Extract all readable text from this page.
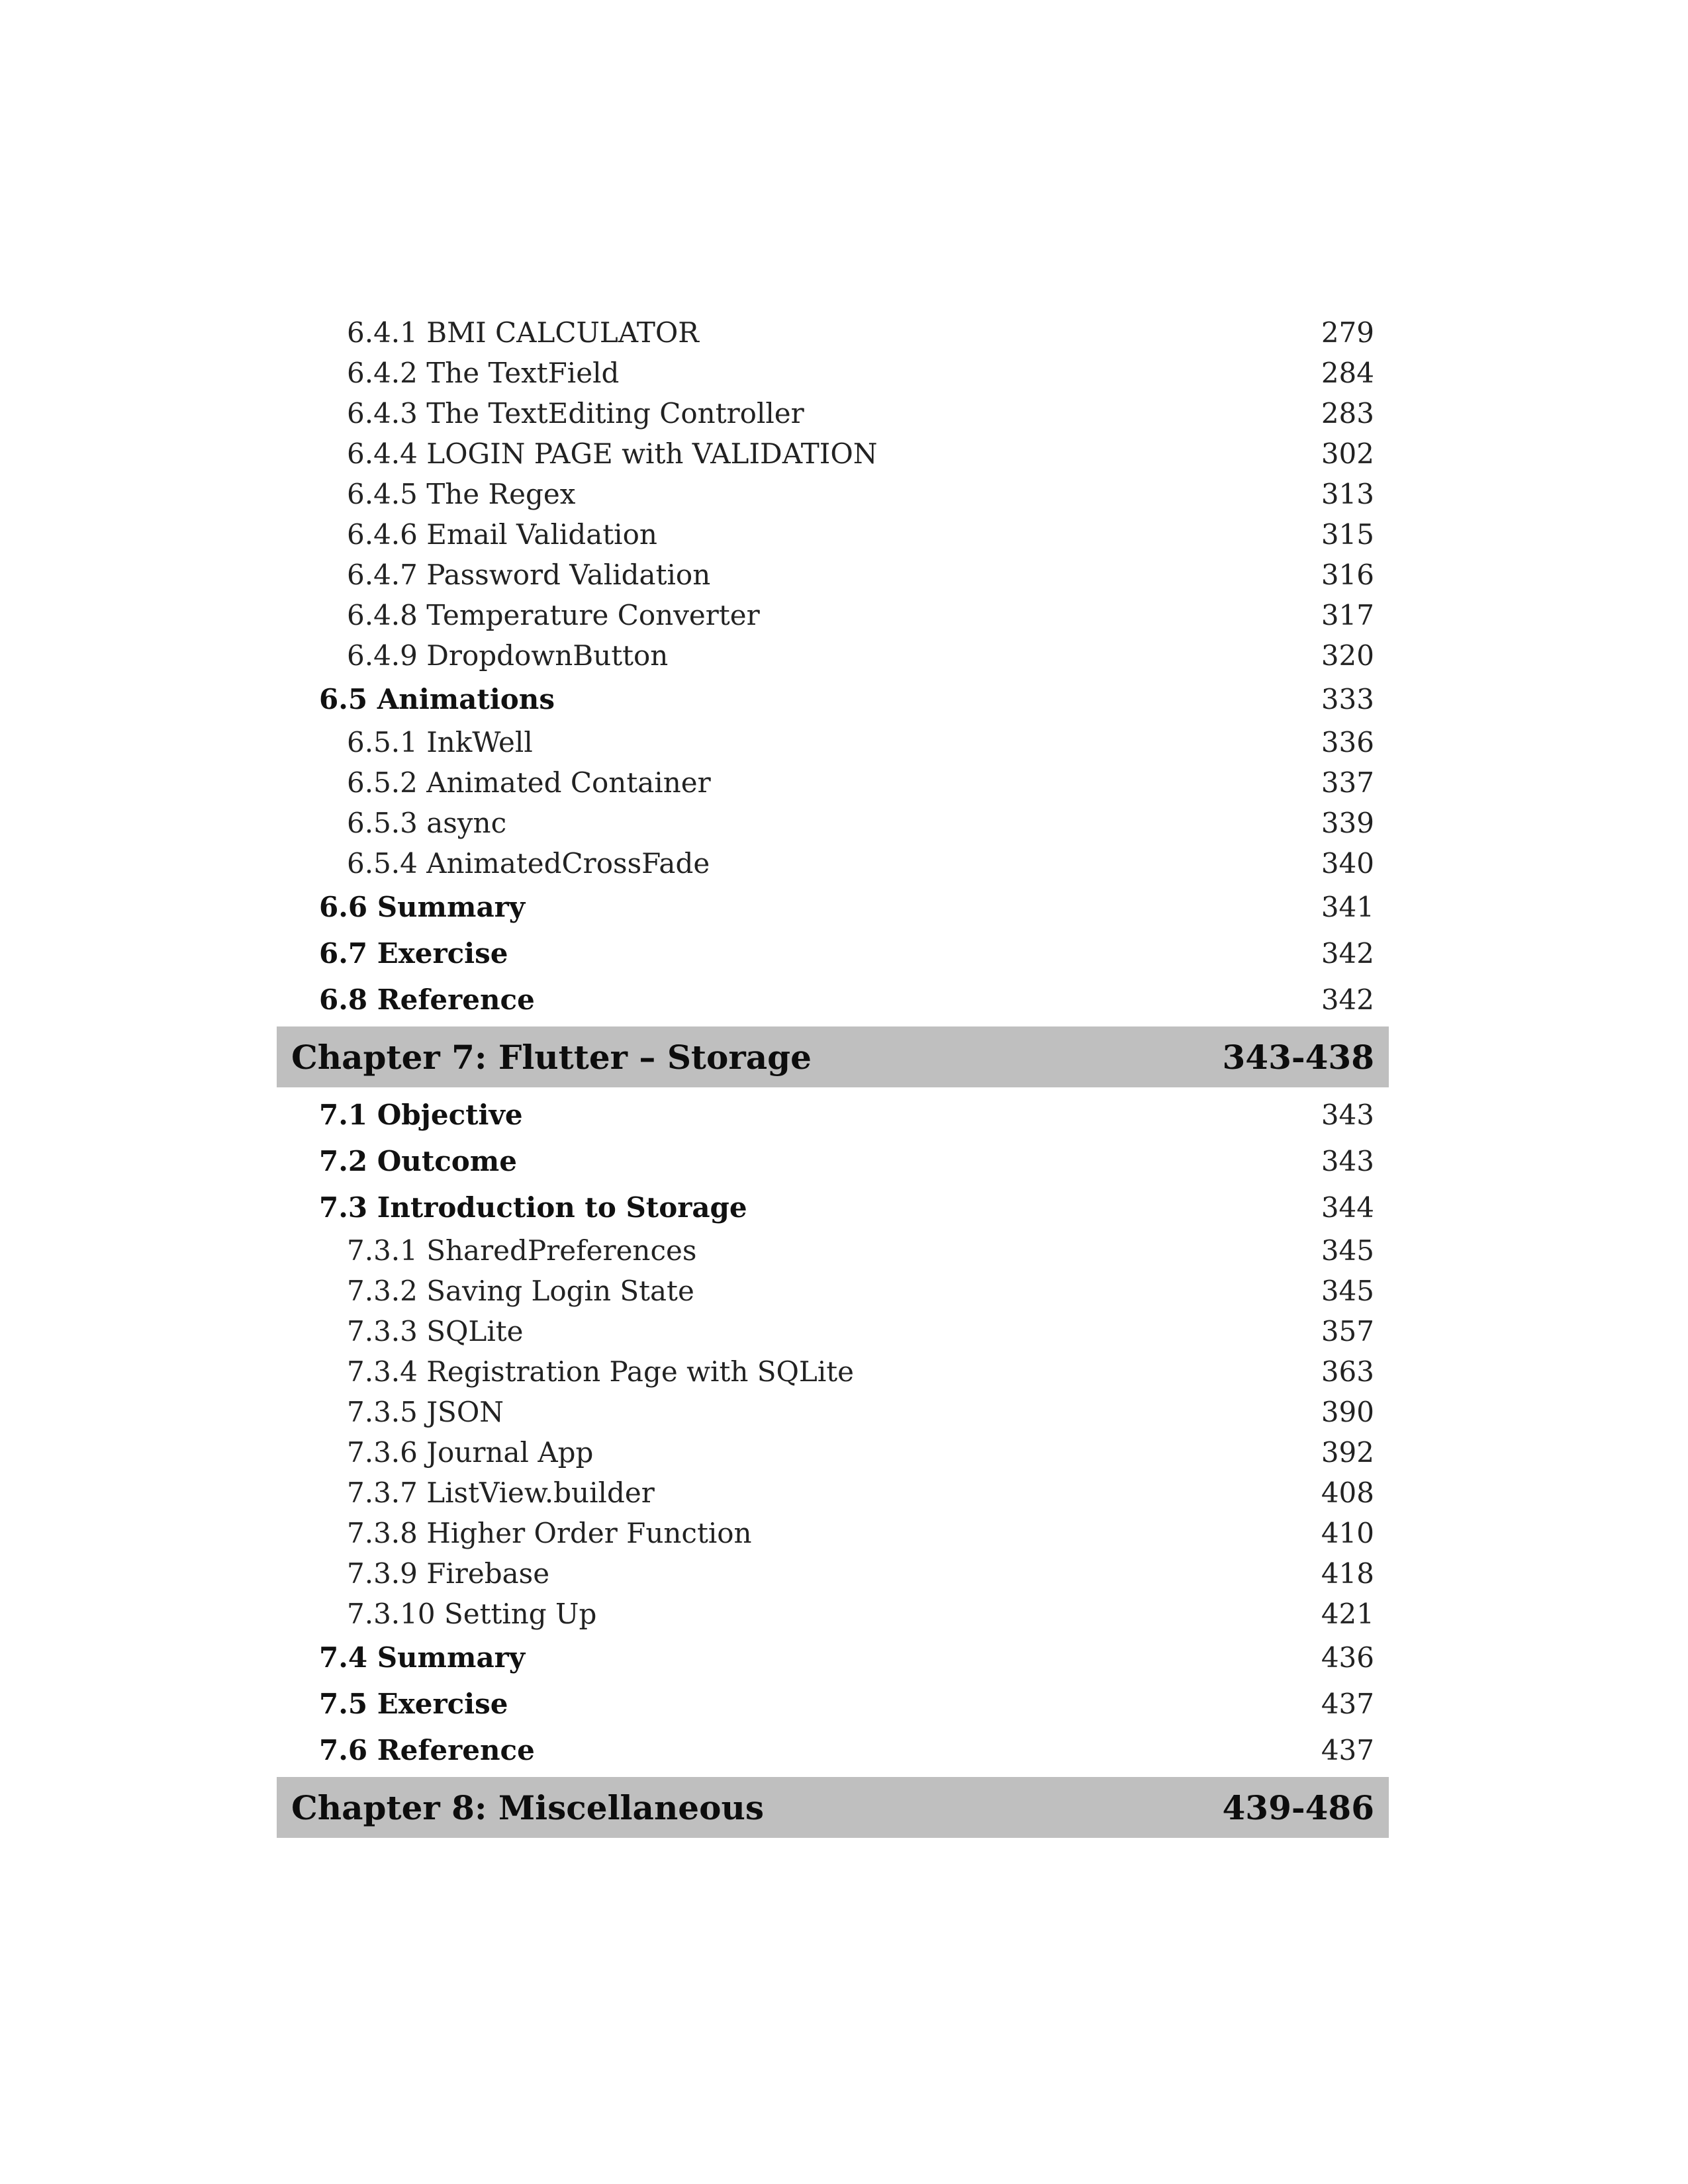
6.4.1 BMI CALCULATOR	279
6.4.2 The TextField	284
6.4.3 The TextEditing Controller	283
6.4.4 LOGIN PAGE with VALIDATION	302
6.4.5 The Regex	313
6.4.6 Email Validation	315
6.4.7 Password Validation	316
6.4.8 Temperature Converter	317
6.4.9 DropdownButton	320
6.5 Animations	333
6.5.1 InkWell	336
6.5.2 Animated Container	337
6.5.3 async	339
6.5.4 AnimatedCrossFade	340
6.6 Summary	341
6.7 Exercise	342
6.8 Reference	342
Chapter 7: Flutter – Storage	343-438
7.1 Objective	343
7.2 Outcome	343
7.3 Introduction to Storage	344
7.3.1 SharedPreferences	345
7.3.2 Saving Login State	345
7.3.3 SQLite	357
7.3.4 Registration Page with SQLite	363
7.3.5 JSON	390
7.3.6 Journal App	392
7.3.7 ListView.builder	408
7.3.8 Higher Order Function	410
7.3.9 Firebase	418
7.3.10 Setting Up	421
7.4 Summary	436
7.5 Exercise	437
7.6 Reference	437
Chapter 8: Miscellaneous	439-486
